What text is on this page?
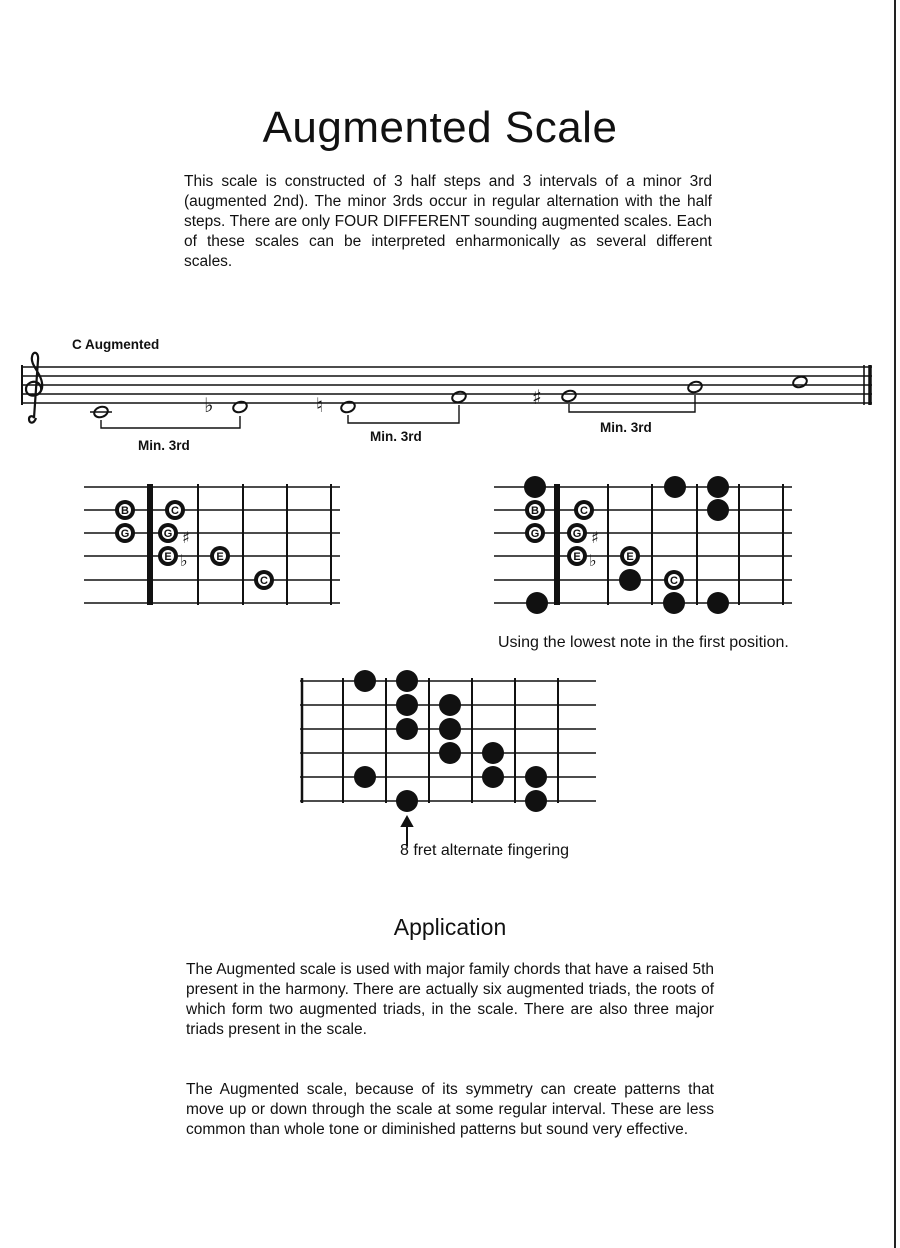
Augmented Scale

This scale is constructed of 3 half steps and 3 intervals of a minor 3rd (augmented 2nd). The minor 3rds occur in regular alternation with the half steps. There are only FOUR DIFFERENT sounding augmented scales. Each of these scales can be interpreted enharmonically as several different scales.

C Augmented
♭	♮	♯
Min. 3rd
Min. 3rd
Min. 3rd
B
G
C
G ♯
E ♭	E
C
B
G
C
G ♯
E ♭	E
C
Using the lowest note in the first position.
8 fret alternate fingering
Application

The Augmented scale is used with major family chords that have a raised 5th present in the harmony. There are actually six augmented triads, the roots of which form two augmented triads, in the scale. There are also three major triads present in the scale.

The Augmented scale, because of its symmetry can create patterns that move up or down through the scale at some regular interval. These are less common than whole tone or diminished patterns but sound very effective.
